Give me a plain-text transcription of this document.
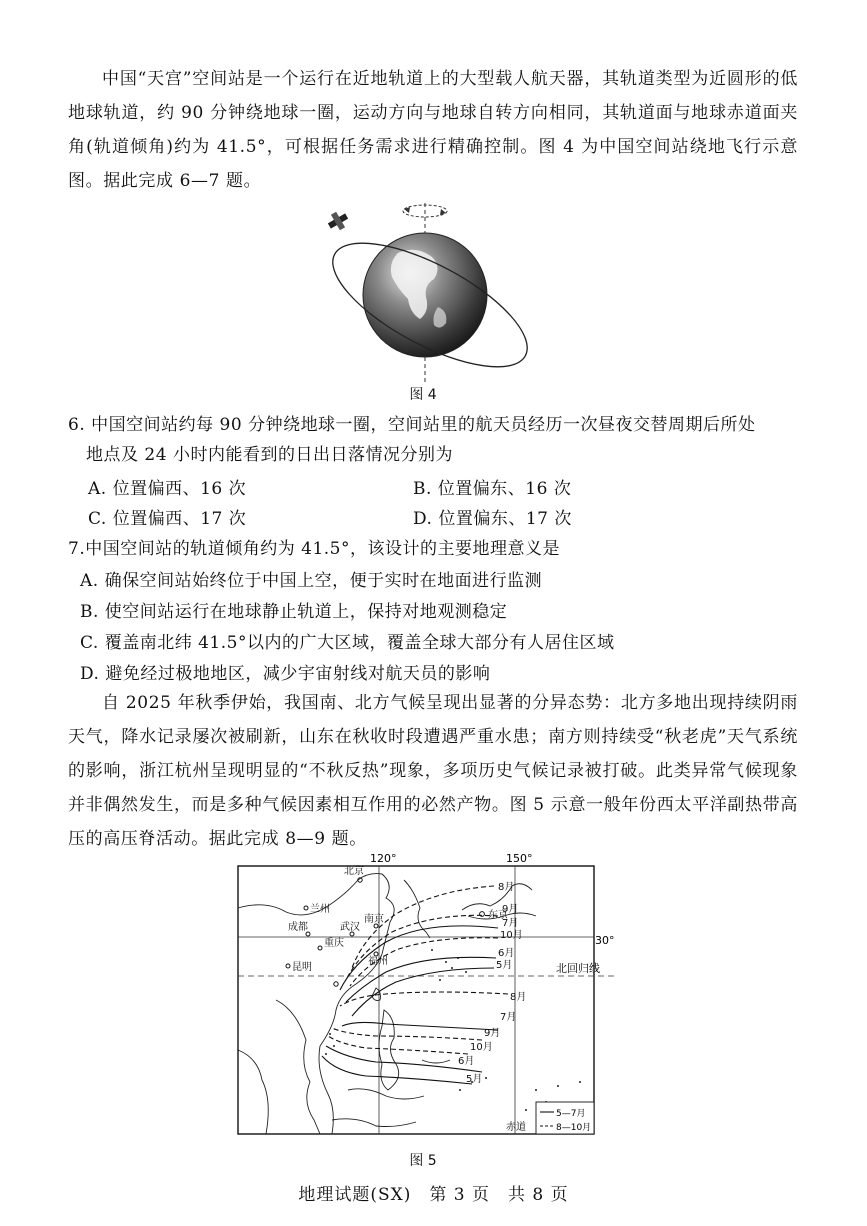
中国“天宫”空间站是一个运行在近地轨道上的大型载人航天器，其轨道类型为近圆形的低地球轨道，约 90 分钟绕地球一圈，运动方向与地球自转方向相同，其轨道面与地球赤道面夹角(轨道倾角)约为 41.5°，可根据任务需求进行精确控制。图 4 为中国空间站绕地飞行示意图。据此完成 6—7 题。
图 4
6. 中国空间站约每 90 分钟绕地球一圈，空间站里的航天员经历一次昼夜交替周期后所处
地点及 24 小时内能看到的日出日落情况分别为
A. 位置偏西、16 次	B. 位置偏东、16 次
C. 位置偏西、17 次	D. 位置偏东、17 次
7.中国空间站的轨道倾角约为 41.5°，该设计的主要地理意义是
A. 确保空间站始终位于中国上空，便于实时在地面进行监测
B. 使空间站运行在地球静止轨道上，保持对地观测稳定
C. 覆盖南北纬 41.5°以内的广大区域，覆盖全球大部分有人居住区域
D. 避免经过极地地区，减少宇宙射线对航天员的影响
自 2025 年秋季伊始，我国南、北方气候呈现出显著的分异态势：北方多地出现持续阴雨天气，降水记录屡次被刷新，山东在秋收时段遭遇严重水患；南方则持续受“秋老虎”天气系统的影响，浙江杭州呈现明显的“不秋反热”现象，多项历史气候记录被打破。此类异常气候现象并非偶然发生，而是多种气候因素相互作用的必然产物。图 5 示意一般年份西太平洋副热带高压的高压脊活动。据此完成 8—9 题。
120°	150°
30°
北回归线
北京
兰州
成都	武汉
南京	东京
重庆
昆明
福州
8月
9月
7月
10月
6月
5月
8月
7月
9月
10月
6月
5月
赤道
5—7月
8—10月
图 5
地理试题(SX)　第 3 页　共 8 页
